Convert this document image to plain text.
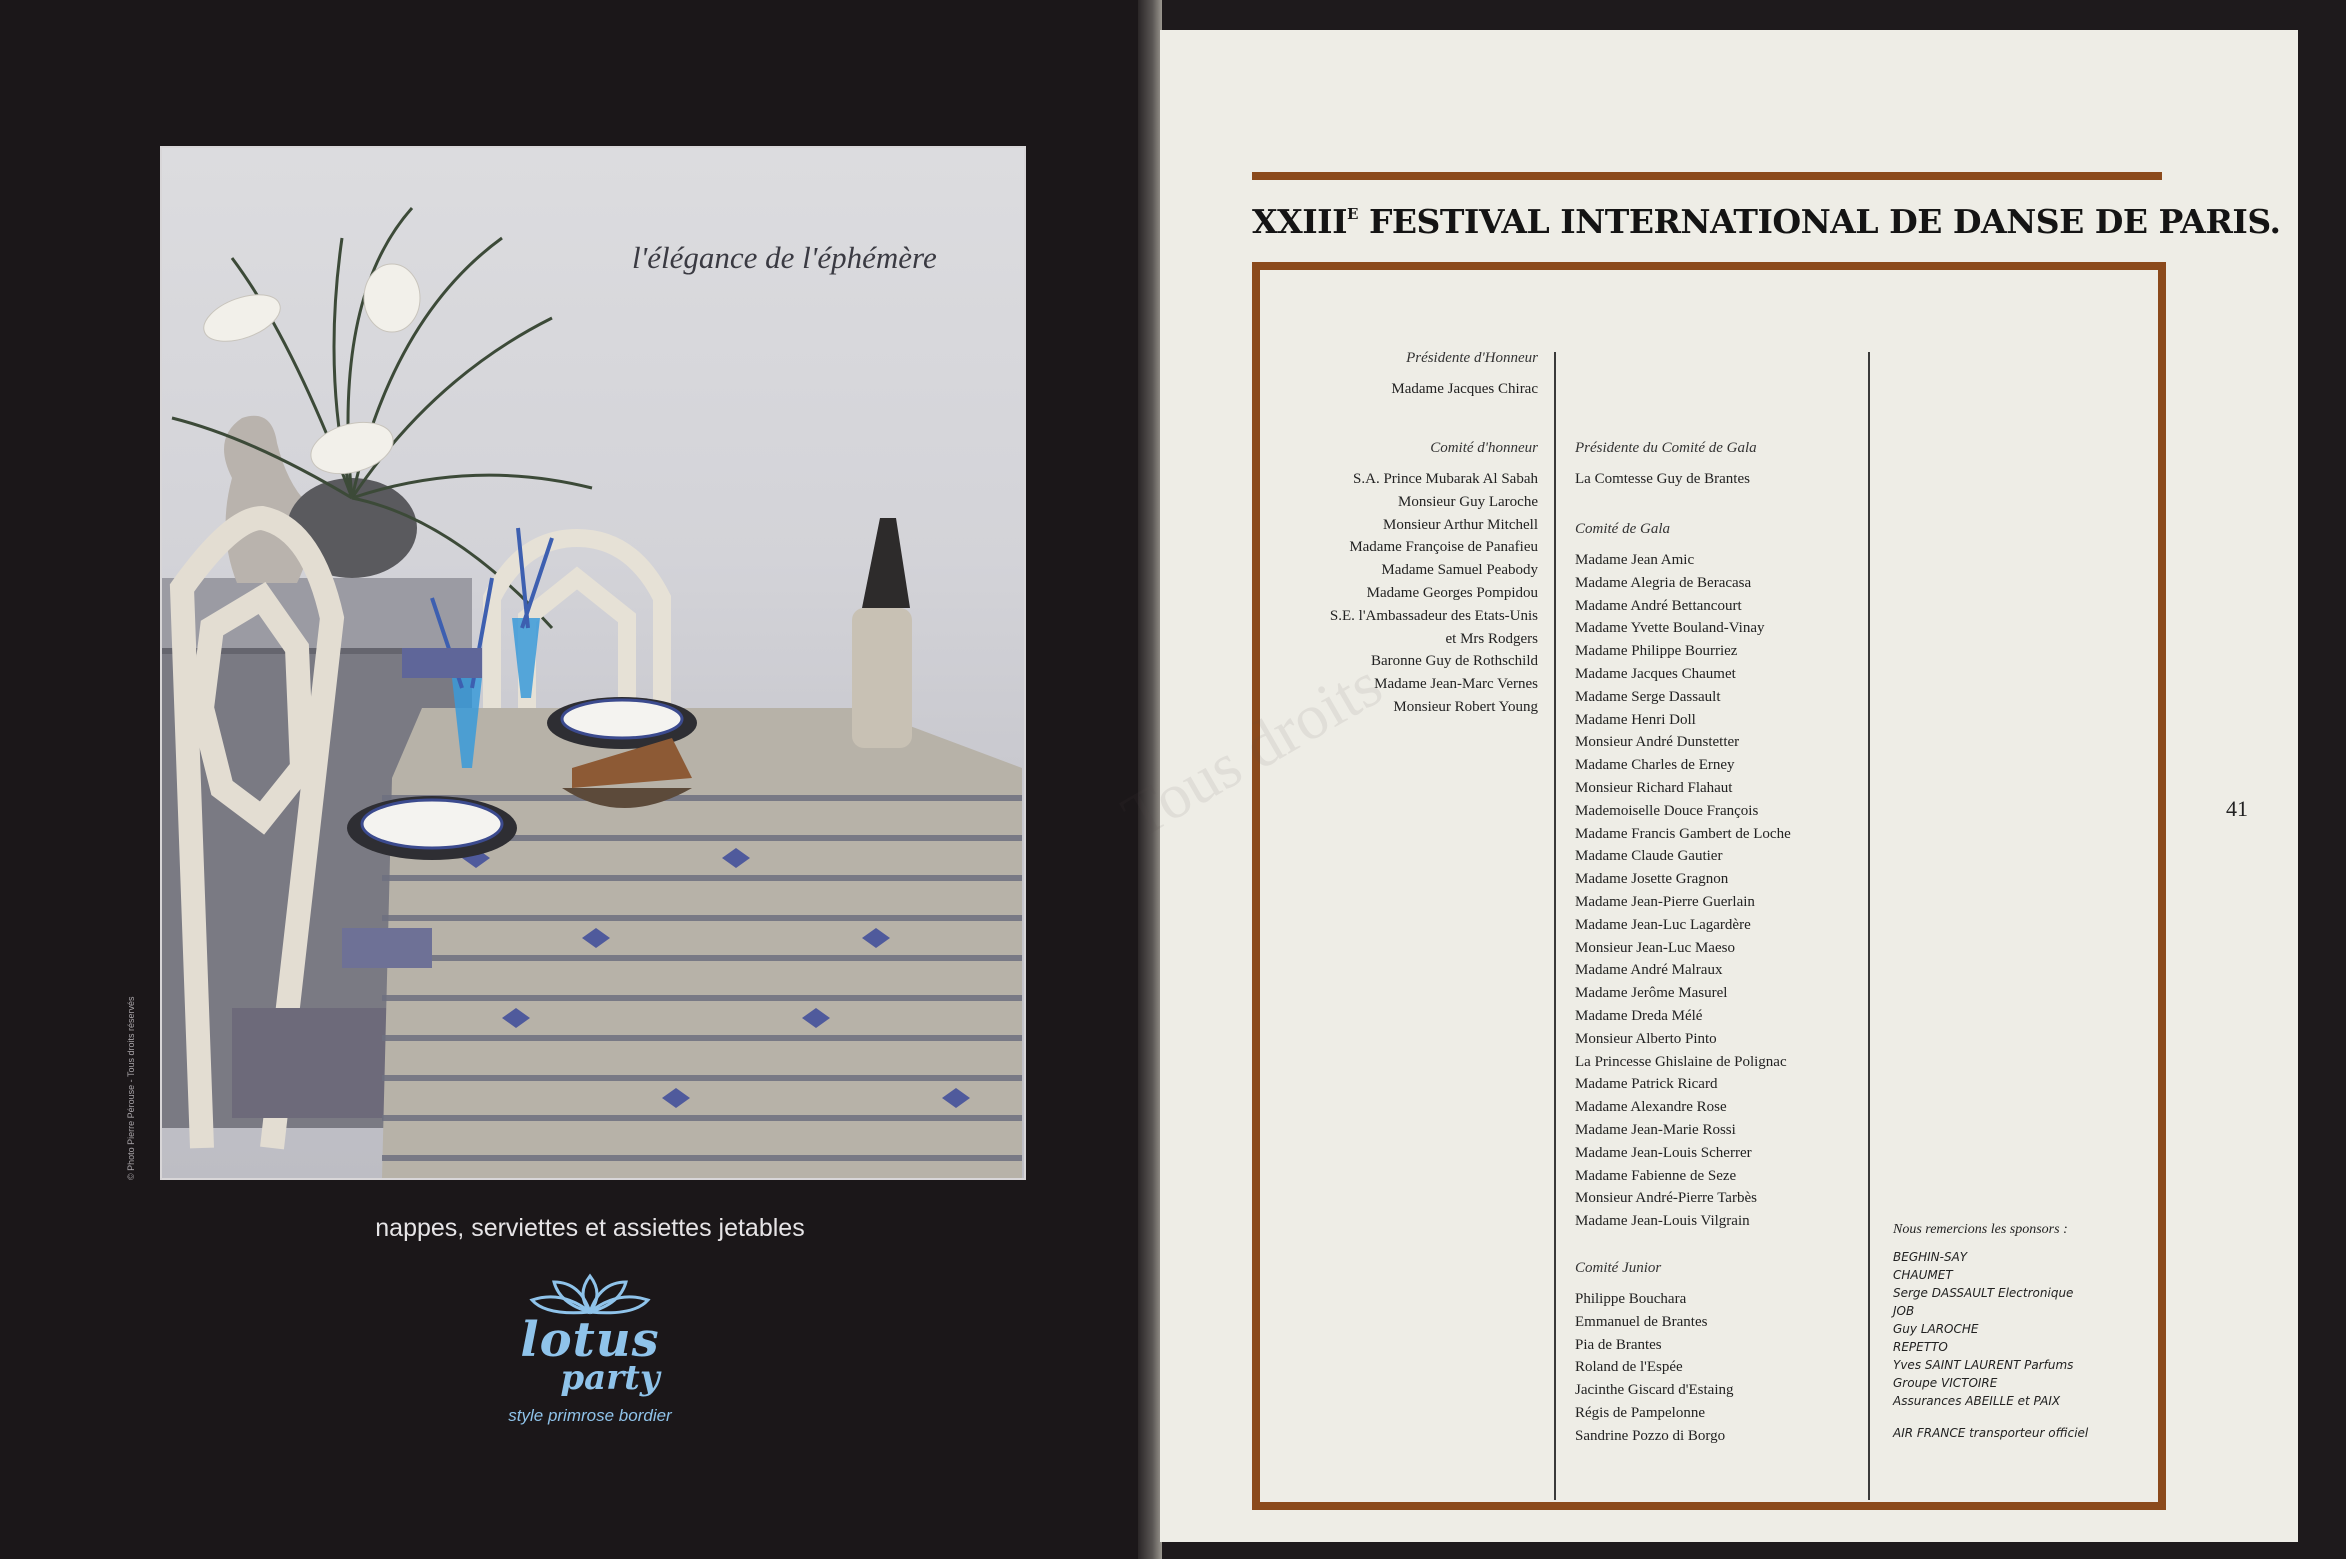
l'élégance de l'éphémère
© Photo Pierre Pérouse - Tous droits réservés
nappes, serviettes et assiettes jetables
lotus
party
style primrose bordier
$XXIII^E$ FESTIVAL INTERNATIONAL DE DANSE DE PARIS.
Présidente d'Honneur
Madame Jacques Chirac
Comité d'honneur
S.A. Prince Mubarak Al Sabah
Monsieur Guy Laroche
Monsieur Arthur Mitchell
Madame Françoise de Panafieu
Madame Samuel Peabody
Madame Georges Pompidou
S.E. l'Ambassadeur des Etats-Unis
et Mrs Rodgers
Baronne Guy de Rothschild
Madame Jean-Marc Vernes
Monsieur Robert Young
Présidente du Comité de Gala
La Comtesse Guy de Brantes
Comité de Gala
Madame Jean Amic
Madame Alegria de Beracasa
Madame André Bettancourt
Madame Yvette Bouland-Vinay
Madame Philippe Bourriez
Madame Jacques Chaumet
Madame Serge Dassault
Madame Henri Doll
Monsieur André Dunstetter
Madame Charles de Erney
Monsieur Richard Flahaut
Mademoiselle Douce François
Madame Francis Gambert de Loche
Madame Claude Gautier
Madame Josette Gragnon
Madame Jean-Pierre Guerlain
Madame Jean-Luc Lagardère
Monsieur Jean-Luc Maeso
Madame André Malraux
Madame Jerôme Masurel
Madame Dreda Mélé
Monsieur Alberto Pinto
La Princesse Ghislaine de Polignac
Madame Patrick Ricard
Madame Alexandre Rose
Madame Jean-Marie Rossi
Madame Jean-Louis Scherrer
Madame Fabienne de Seze
Monsieur André-Pierre Tarbès
Madame Jean-Louis Vilgrain
Comité Junior
Philippe Bouchara
Emmanuel de Brantes
Pia de Brantes
Roland de l'Espée
Jacinthe Giscard d'Estaing
Régis de Pampelonne
Sandrine Pozzo di Borgo
Nous remercions les sponsors :
BEGHIN-SAY
CHAUMET
Serge DASSAULT Electronique
JOB
Guy LAROCHE
REPETTO
Yves SAINT LAURENT Parfums
Groupe VICTOIRE
Assurances ABEILLE et PAIX
AIR FRANCE transporteur officiel
41
Tous droits
